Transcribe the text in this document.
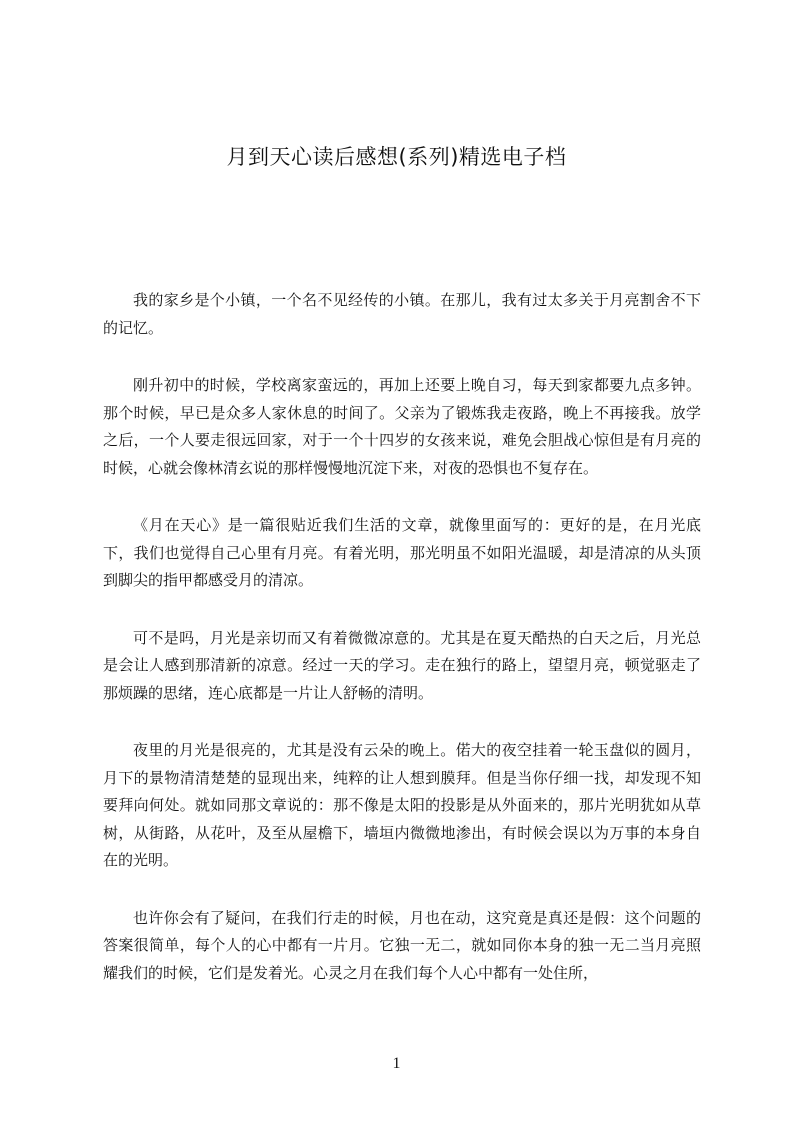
月到天心读后感想(系列)精选电子档

我的家乡是个小镇，一个名不见经传的小镇。在那儿，我有过太多关于月亮割舍不下的记忆。

刚升初中的时候，学校离家蛮远的，再加上还要上晚自习，每天到家都要九点多钟。那个时候，早已是众多人家休息的时间了。父亲为了锻炼我走夜路，晚上不再接我。放学之后，一个人要走很远回家，对于一个十四岁的女孩来说，难免会胆战心惊但是有月亮的时候，心就会像林清玄说的那样慢慢地沉淀下来，对夜的恐惧也不复存在。

《月在天心》是一篇很贴近我们生活的文章，就像里面写的：更好的是，在月光底下，我们也觉得自己心里有月亮。有着光明，那光明虽不如阳光温暖，却是清凉的从头顶到脚尖的指甲都感受月的清凉。

可不是吗，月光是亲切而又有着微微凉意的。尤其是在夏天酷热的白天之后，月光总是会让人感到那清新的凉意。经过一天的学习。走在独行的路上，望望月亮，顿觉驱走了那烦躁的思绪，连心底都是一片让人舒畅的清明。

夜里的月光是很亮的，尤其是没有云朵的晚上。偌大的夜空挂着一轮玉盘似的圆月，月下的景物清清楚楚的显现出来，纯粹的让人想到膜拜。但是当你仔细一找，却发现不知要拜向何处。就如同那文章说的：那不像是太阳的投影是从外面来的，那片光明犹如从草树，从街路，从花叶，及至从屋檐下，墙垣内微微地渗出，有时候会误以为万事的本身自在的光明。

也许你会有了疑问，在我们行走的时候，月也在动，这究竟是真还是假：这个问题的答案很简单，每个人的心中都有一片月。它独一无二，就如同你本身的独一无二当月亮照耀我们的时候，它们是发着光。心灵之月在我们每个人心中都有一处住所，

1
